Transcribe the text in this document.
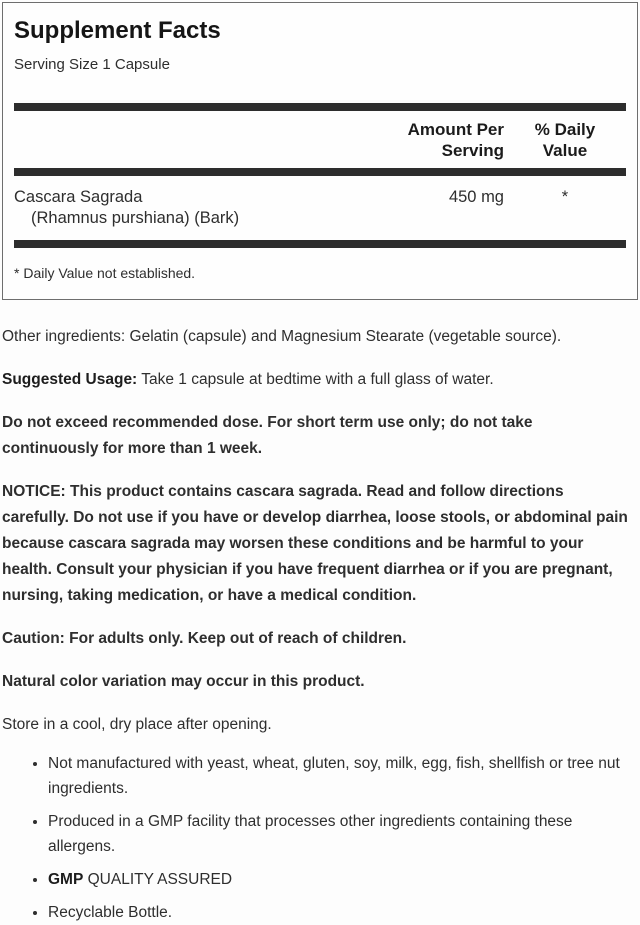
Supplement Facts
Serving Size 1 Capsule
Amount Per Serving
% Daily Value
Cascara Sagrada
(Rhamnus purshiana) (Bark)
450 mg	*
* Daily Value not established.

Other ingredients: Gelatin (capsule) and Magnesium Stearate (vegetable source).

Suggested Usage: Take 1 capsule at bedtime with a full glass of water.

Do not exceed recommended dose. For short term use only; do not take continuously for more than 1 week.

NOTICE: This product contains cascara sagrada. Read and follow directions carefully. Do not use if you have or develop diarrhea, loose stools, or abdominal pain because cascara sagrada may worsen these conditions and be harmful to your health. Consult your physician if you have frequent diarrhea or if you are pregnant, nursing, taking medication, or have a medical condition.

Caution: For adults only. Keep out of reach of children.

Natural color variation may occur in this product.

Store in a cool, dry place after opening.

• Not manufactured with yeast, wheat, gluten, soy, milk, egg, fish, shellfish or tree nut ingredients.
• Produced in a GMP facility that processes other ingredients containing these allergens.
• GMP QUALITY ASSURED
• Recyclable Bottle.
